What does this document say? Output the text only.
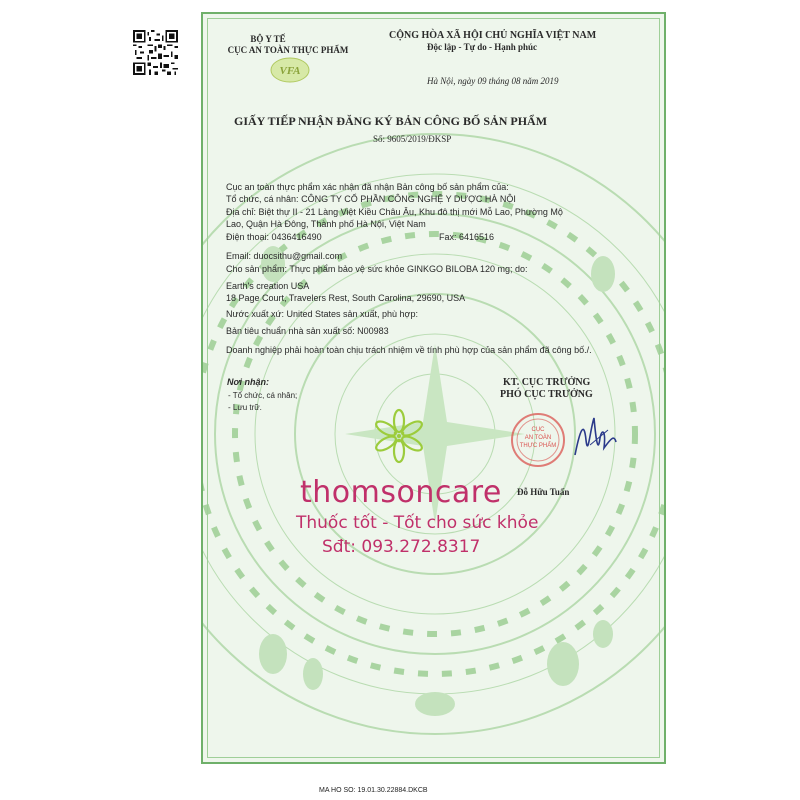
BỘ Y TẾ
CỤC AN TOÀN THỰC PHẨM
VFA
CỘNG HÒA XÃ HỘI CHỦ NGHĨA VIỆT NAM
Độc lập - Tự do - Hạnh phúc
Hà Nội, ngày 09 tháng 08 năm 2019
GIẤY TIẾP NHẬN ĐĂNG KÝ BẢN CÔNG BỐ SẢN PHẨM
Số: 9605/2019/ĐKSP
Cục an toàn thực phẩm xác nhận đã nhận Bản công bố sản phẩm của:
Tổ chức, cá nhân: CÔNG TY CỔ PHẦN CÔNG NGHỆ Y DƯỢC HÀ NỘI
Địa chỉ: Biệt thự II - 21 Làng Việt Kiều Châu Âu, Khu đô thị mới Mỗ Lao, Phường Mộ
Lao, Quận Hà Đông, Thành phố Hà Nội, Việt Nam
Điện thoại: 0436416490	Fax: 6416516
Email: duocsithu@gmail.com
Cho sản phẩm: Thực phẩm bảo vệ sức khỏe GINKGO BILOBA 120 mg; do:
Earth's creation USA
18 Page Court, Travelers Rest, South Carolina, 29690, USA
Nước xuất xứ: United States sản xuất, phù hợp:
Bản tiêu chuẩn nhà sản xuất số: N00983
Doanh nghiệp phải hoàn toàn chịu trách nhiệm về tính phù hợp của sản phẩm đã công bố./.
Nơi nhận:
- Tổ chức, cá nhân;
- Lưu trữ.
KT. CỤC TRƯỞNG
PHÓ CỤC TRƯỞNG
CỤC
AN TOÀN
THỰC PHẨM
Đỗ Hữu Tuấn
thomsoncare
Thuốc tốt - Tốt cho sức khỏe
Sđt: 093.272.8317
MA HO SO: 19.01.30.22884.DKCB
